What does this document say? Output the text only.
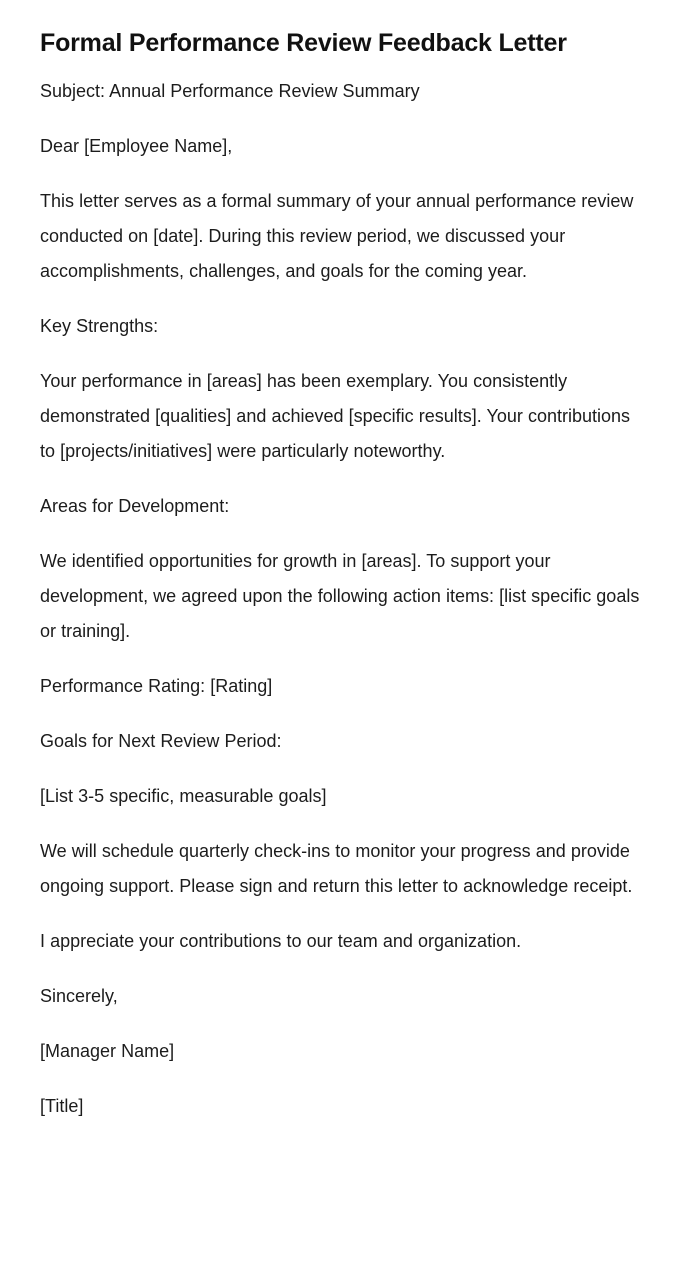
Formal Performance Review Feedback Letter

Subject: Annual Performance Review Summary

Dear [Employee Name],

This letter serves as a formal summary of your annual performance review conducted on [date]. During this review period, we discussed your accomplishments, challenges, and goals for the coming year.

Key Strengths:

Your performance in [areas] has been exemplary. You consistently demonstrated [qualities] and achieved [specific results]. Your contributions to [projects/initiatives] were particularly noteworthy.

Areas for Development:

We identified opportunities for growth in [areas]. To support your development, we agreed upon the following action items: [list specific goals or training].

Performance Rating: [Rating]

Goals for Next Review Period:

[List 3-5 specific, measurable goals]

We will schedule quarterly check-ins to monitor your progress and provide ongoing support. Please sign and return this letter to acknowledge receipt.

I appreciate your contributions to our team and organization.

Sincerely,

[Manager Name]

[Title]
